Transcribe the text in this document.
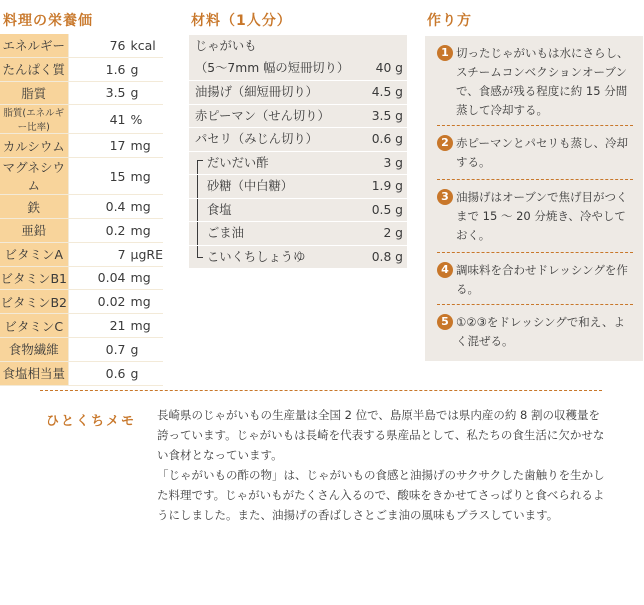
料理の栄養価
エネルギー	76 kcal
たんぱく質	1.6 g
脂質	3.5 g
脂質(エネルギー比率)	41 %
カルシウム	17 mg
マグネシウム	15 mg
鉄	0.4 mg
亜鉛	0.2 mg
ビタミンA	7 μgRE
ビタミンB1	0.04 mg
ビタミンB2	0.02 mg
ビタミンC	21 mg
食物繊維	0.7 g
食塩相当量	0.6 g
材料（1人分）
じゃがいも
（5～7mm 幅の短冊切り） 40 g
油揚げ（細短冊切り）	4.5 g
赤ピーマン（せん切り）	3.5 g
パセリ（みじん切り）	0.6 g
だいだい酢	3 g
砂糖（中白糖）	1.9 g
食塩	0.5 g
ごま油	2 g
こいくちしょうゆ	0.8 g
作り方
1 切ったじゃがいもは水にさらし、スチームコンベクションオーブンで、食感が残る程度に約 15 分間蒸して冷却する。
2 赤ピーマンとパセリも蒸し、冷却する。
3 油揚げはオーブンで焦げ目がつくまで 15 ～ 20 分焼き、冷やしておく。
4 調味料を合わせドレッシングを作る。
5 ①②③をドレッシングで和え、よく混ぜる。
ひとくちメモ 長崎県のじゃがいもの生産量は全国 2 位で、島原半島では県内産の約 8 割の収穫量を誇っています。じゃがいもは長崎を代表する県産品として、私たちの食生活に欠かせない食材となっています。

「じゃがいもの酢の物」は、じゃがいもの食感と油揚げのサクサクした歯触りを生かした料理です。じゃがいもがたくさん入るので、酸味をきかせてさっぱりと食べられるようにしました。また、油揚げの香ばしさとごま油の風味もプラスしています。
